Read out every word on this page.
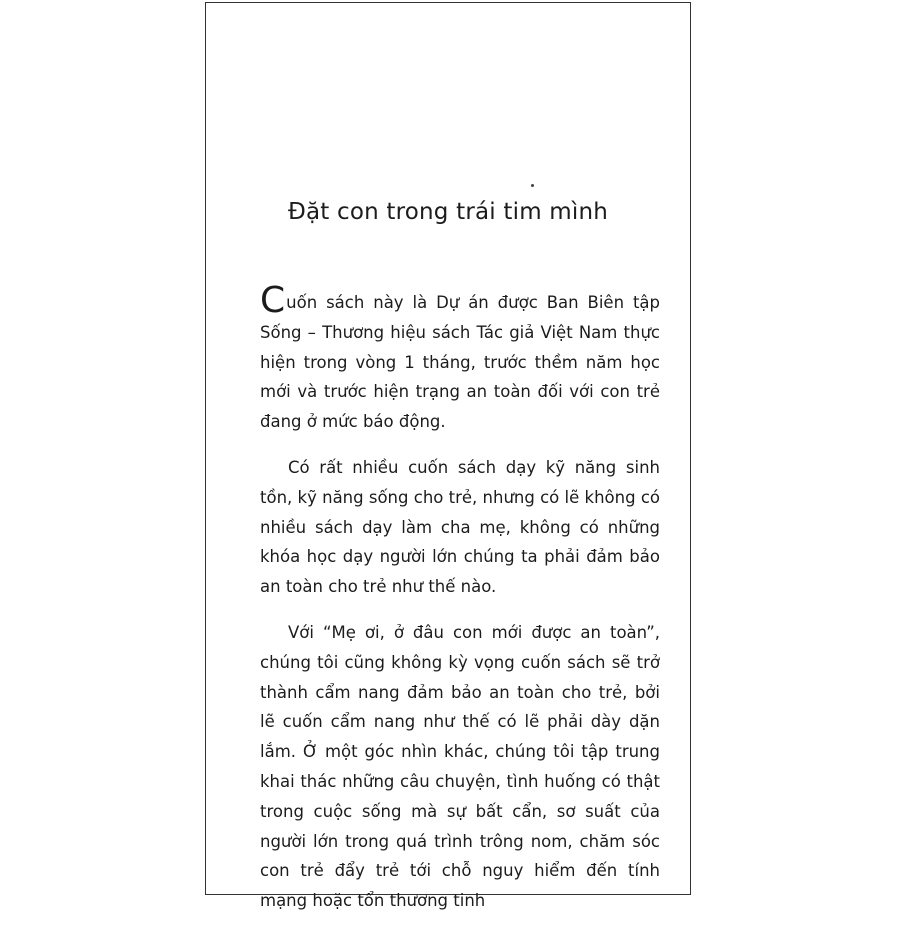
Đặt con trong trái tim mình

Cuốn sách này là Dự án được Ban Biên tập Sống – Thương hiệu sách Tác giả Việt Nam thực hiện trong vòng 1 tháng, trước thềm năm học mới và trước hiện trạng an toàn đối với con trẻ đang ở mức báo động.

Có rất nhiều cuốn sách dạy kỹ năng sinh tồn, kỹ năng sống cho trẻ, nhưng có lẽ không có nhiều sách dạy làm cha mẹ, không có những khóa học dạy người lớn chúng ta phải đảm bảo an toàn cho trẻ như thế nào.

Với “Mẹ ơi, ở đâu con mới được an toàn”, chúng tôi cũng không kỳ vọng cuốn sách sẽ trở thành cẩm nang đảm bảo an toàn cho trẻ, bởi lẽ cuốn cẩm nang như thế có lẽ phải dày dặn lắm. Ở một góc nhìn khác, chúng tôi tập trung khai thác những câu chuyện, tình huống có thật trong cuộc sống mà sự bất cẩn, sơ suất của người lớn trong quá trình trông nom, chăm sóc con trẻ đẩy trẻ tới chỗ nguy hiểm đến tính mạng hoặc tổn thương tinh
